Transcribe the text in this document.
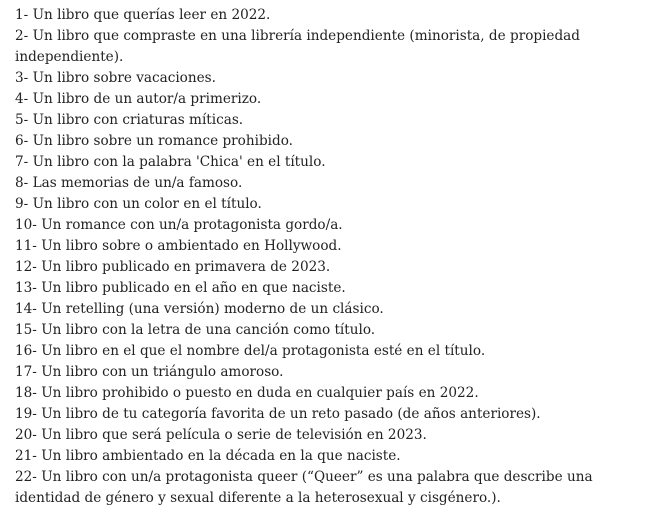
1- Un libro que querías leer en 2022.
2- Un libro que compraste en una librería independiente (minorista, de propiedad independiente).
3- Un libro sobre vacaciones.
4- Un libro de un autor/a primerizo.
5- Un libro con criaturas míticas.
6- Un libro sobre un romance prohibido.
7- Un libro con la palabra 'Chica' en el título.
8- Las memorias de un/a famoso.
9- Un libro con un color en el título.
10- Un romance con un/a protagonista gordo/a.
11- Un libro sobre o ambientado en Hollywood.
12- Un libro publicado en primavera de 2023.
13- Un libro publicado en el año en que naciste.
14- Un retelling (una versión) moderno de un clásico.
15- Un libro con la letra de una canción como título.
16- Un libro en el que el nombre del/a protagonista esté en el título.
17- Un libro con un triángulo amoroso.
18- Un libro prohibido o puesto en duda en cualquier país en 2022.
19- Un libro de tu categoría favorita de un reto pasado (de años anteriores).
20- Un libro que será película o serie de televisión en 2023.
21- Un libro ambientado en la década en la que naciste.
22- Un libro con un/a protagonista queer (“Queer” es una palabra que describe una identidad de género y sexual diferente a la heterosexual y cisgénero.).
